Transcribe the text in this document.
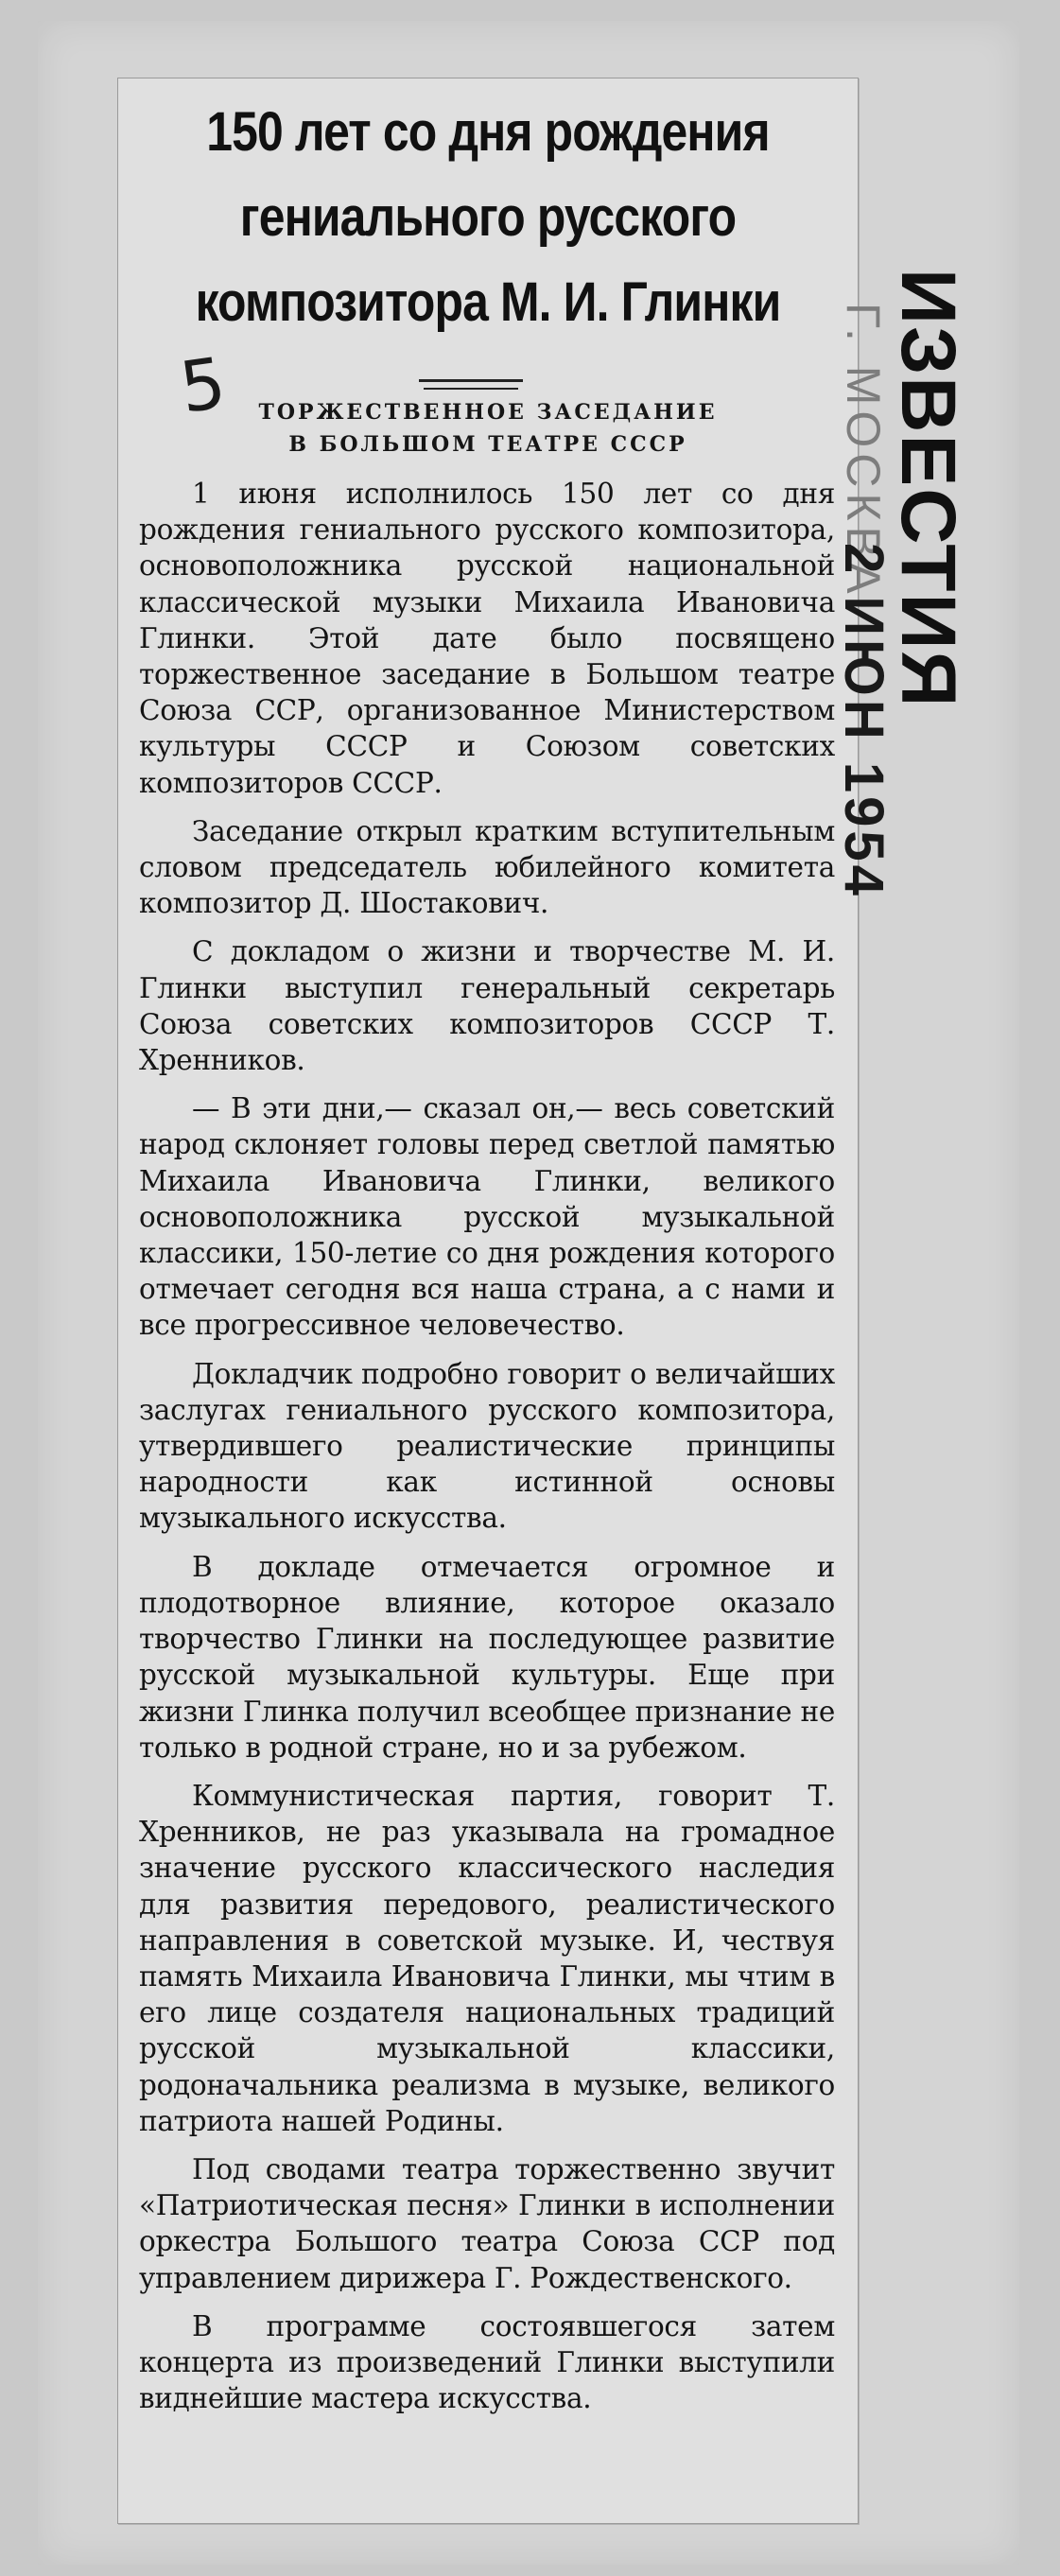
150 лет со дня рождения
гениального русского
композитора М. И. Глинки
5	ТОРЖЕСТВЕННОЕ ЗАСЕДАНИЕ
В БОЛЬШОМ ТЕАТРЕ СССР

1 июня исполнилось 150 лет со дня рождения гениального русского композитора, основоположника русской национальной классической музыки Михаила Ивановича Глинки. Этой дате было посвящено торжественное заседание в Большом театре Союза ССР, организованное Министерством культуры СССР и Союзом советских композиторов СССР.

Заседание открыл кратким вступительным словом председатель юбилейного комитета композитор Д. Шостакович.

С докладом о жизни и творчестве М. И. Глинки выступил генеральный секретарь Союза советских композиторов СССР Т. Хренников.

— В эти дни,— сказал он,— весь советский народ склоняет головы перед светлой памятью Михаила Ивановича Глинки, великого основоположника русской музыкальной классики, 150-летие со дня рождения которого отмечает сегодня вся наша страна, а с нами и все прогрессивное человечество.

Докладчик подробно говорит о величайших заслугах гениального русского композитора, утвердившего реалистические принципы народности как истинной основы музыкального искусства.

В докладе отмечается огромное и плодотворное влияние, которое оказало творчество Глинки на последующее развитие русской музыкальной культуры. Еще при жизни Глинка получил всеобщее признание не только в родной стране, но и за рубежом.

Коммунистическая партия, говорит Т. Хренников, не раз указывала на громадное значение русского классического наследия для развития передового, реалистического направления в советской музыке. И, чествуя память Михаила Ивановича Глинки, мы чтим в его лице создателя национальных традиций русской музыкальной классики, родоначальника реализма в музыке, великого патриота нашей Родины.

Под сводами театра торжественно звучит «Патриотическая песня» Глинки в исполнении оркестра Большого театра Союза ССР под управлением дирижера Г. Рождественского.

В программе состоявшегося затем концерта из произведений Глинки выступили виднейшие мастера искусства.

Г. МОСКВА
ИЗВЕСТИЯ
2 ИЮН 1954
